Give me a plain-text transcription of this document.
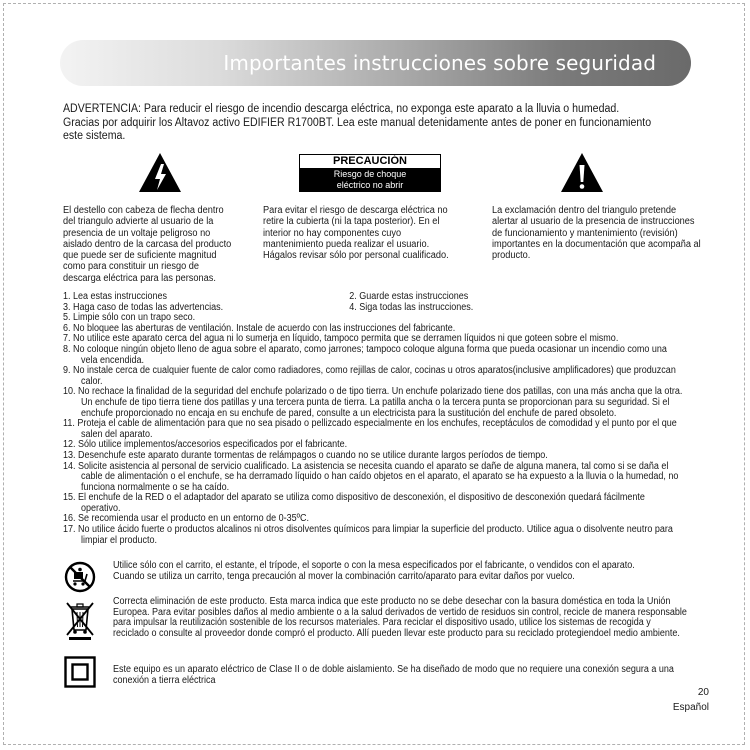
Importantes instrucciones sobre seguridad

ADVERTENCIA: Para reducir el riesgo de incendio descarga eléctrica, no exponga este aparato a la lluvia o humedad.

Gracias por adquirir los Altavoz activo EDIFIER R1700BT. Lea este manual detenidamente antes de poner en funcionamiento este sistema.

PRECAUCIÓN
Riesgo de choque
eléctrico no abrir

El destello con cabeza de flecha dentro del triangulo advierte al usuario de la presencia de un voltaje peligroso no aislado dentro de la carcasa del producto que puede ser de suficiente magnitud como para constituir un riesgo de descarga eléctrica para las personas.

Para evitar el riesgo de descarga eléctrica no retire la cubierta (ni la tapa posterior). En el interior no hay componentes cuyo mantenimiento pueda realizar el usuario. Hágalos revisar sólo por personal cualificado.

La exclamación dentro del triangulo pretende alertar al usuario de la presencia de instrucciones de funcionamiento y mantenimiento (revisión) importantes en la documentación que acompaña al producto.

1. Lea estas instrucciones	2. Guarde estas instrucciones
3. Haga caso de todas las advertencias.	4. Siga todas las instrucciones.
5. Limpie sólo con un trapo seco.
6. No bloquee las aberturas de ventilación. Instale de acuerdo con las instrucciones del fabricante.
7. No utilice este aparato cerca del agua ni lo sumerja en líquido, tampoco permita que se derramen líquidos ni que goteen sobre el mismo.
8. No coloque ningún objeto lleno de agua sobre el aparato, como jarrones; tampoco coloque alguna forma que pueda ocasionar un incendio como una vela encendida.
9. No instale cerca de cualquier fuente de calor como radiadores, como rejillas de calor, cocinas u otros aparatos(inclusive amplificadores) que produzcan calor.
10. No rechace la finalidad de la seguridad del enchufe polarizado o de tipo tierra. Un enchufe polarizado tiene dos patillas, con una más ancha que la otra. Un enchufe de tipo tierra tiene dos patillas y una tercera punta de tierra. La patilla ancha o la tercera punta se proporcionan para su seguridad. Si el enchufe proporcionado no encaja en su enchufe de pared, consulte a un electricista para la sustitución del enchufe de pared obsoleto.
11. Proteja el cable de alimentación para que no sea pisado o pellizcado especialmente en los enchufes, receptáculos de comodidad y el punto por el que salen del aparato.
12. Sólo utilice implementos/accesorios especificados por el fabricante.
13. Desenchufe este aparato durante tormentas de relámpagos o cuando no se utilice durante largos períodos de tiempo.
14. Solicite asistencia al personal de servicio cualificado. La asistencia se necesita cuando el aparato se dañe de alguna manera, tal como si se daña el cable de alimentación o el enchufe, se ha derramado líquido o han caído objetos en el aparato, el aparato se ha expuesto a la lluvia o la humedad, no funciona normalmente o se ha caído.
15. El enchufe de la RED o el adaptador del aparato se utiliza como dispositivo de desconexión, el dispositivo de desconexión quedará fácilmente operativo.
16. Se recomienda usar el producto en un entorno de 0-35ºC.
17. No utilice ácido fuerte o productos alcalinos ni otros disolventes químicos para limpiar la superficie del producto. Utilice agua o disolvente neutro para limpiar el producto.

Utilice sólo con el carrito, el estante, el trípode, el soporte o con la mesa especificados por el fabricante, o vendidos con el aparato.

Cuando se utiliza un carrito, tenga precaución al mover la combinación carrito/aparato para evitar daños por vuelco.

Correcta eliminación de este producto. Esta marca indica que este producto no se debe desechar con la basura doméstica en toda la Unión Europea. Para evitar posibles daños al medio ambiente o a la salud derivados de vertido de residuos sin control, recicle de manera responsable para impulsar la reutilización sostenible de los recursos materiales. Para reciclar el dispositivo usado, utilice los sistemas de recogida y reciclado o consulte al proveedor donde compró el producto. Allí pueden llevar este producto para su reciclado protegiendoel medio ambiente.

Este equipo es un aparato eléctrico de Clase II o de doble aislamiento. Se ha diseñado de modo que no requiere una conexión segura a una conexión a tierra eléctrica

20
Español
